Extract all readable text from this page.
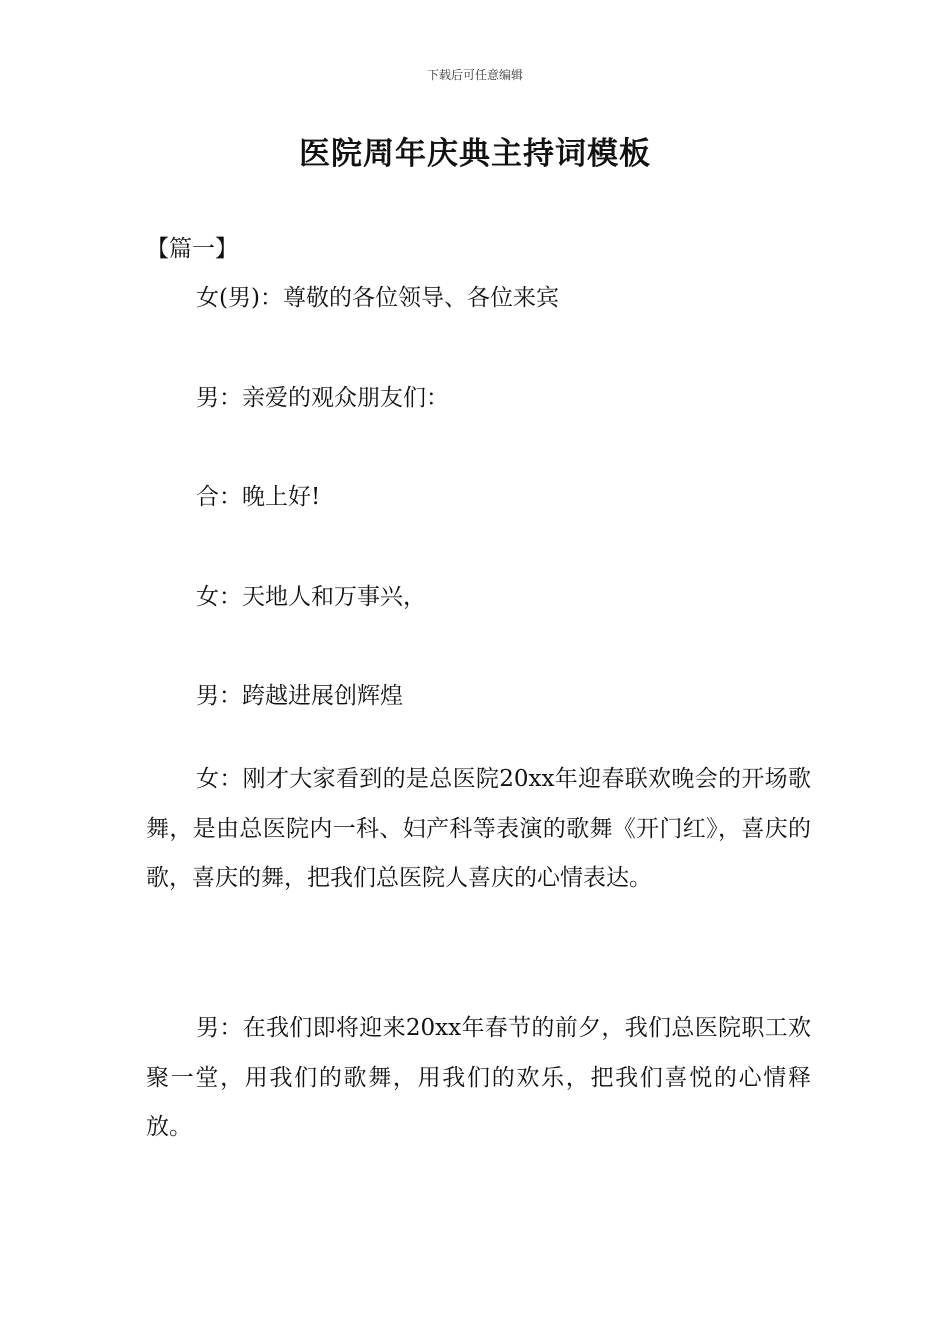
下载后可任意编辑
医院周年庆典主持词模板
【篇一】
女(男)：尊敬的各位领导、各位来宾
男：亲爱的观众朋友们：
合：晚上好!
女：天地人和万事兴，
男：跨越进展创辉煌

女：刚才大家看到的是总医院20xx年迎春联欢晚会的开场歌舞，是由总医院内一科、妇产科等表演的歌舞《开门红》，喜庆的歌，喜庆的舞，把我们总医院人喜庆的心情表达。

男：在我们即将迎来20xx年春节的前夕，我们总医院职工欢聚一堂，用我们的歌舞，用我们的欢乐，把我们喜悦的心情释放。
